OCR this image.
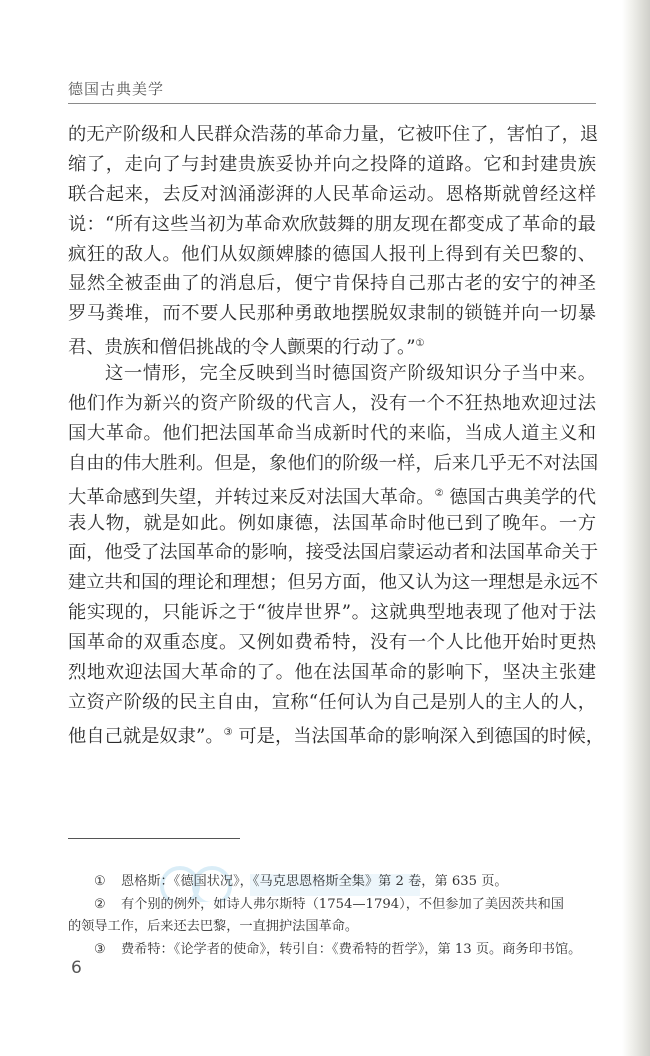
德国古典美学
的无产阶级和人民群众浩荡的革命力量，它被吓住了，害怕了，退
缩了，走向了与封建贵族妥协并向之投降的道路。它和封建贵族
联合起来，去反对汹涌澎湃的人民革命运动。恩格斯就曾经这样
说：“所有这些当初为革命欢欣鼓舞的朋友现在都变成了革命的最
疯狂的敌人。他们从奴颜婢膝的德国人报刊上得到有关巴黎的、
显然全被歪曲了的消息后，便宁肯保持自己那古老的安宁的神圣
罗马粪堆，而不要人民那种勇敢地摆脱奴隶制的锁链并向一切暴
君、贵族和僧侣挑战的令人颤栗的行动了。”①
这一情形，完全反映到当时德国资产阶级知识分子当中来。
他们作为新兴的资产阶级的代言人，没有一个不狂热地欢迎过法
国大革命。他们把法国革命当成新时代的来临，当成人道主义和
自由的伟大胜利。但是，象他们的阶级一样，后来几乎无不对法国
大革命感到失望，并转过来反对法国大革命。② 德国古典美学的代
表人物，就是如此。例如康德，法国革命时他已到了晚年。一方
面，他受了法国革命的影响，接受法国启蒙运动者和法国革命关于
建立共和国的理论和理想；但另方面，他又认为这一理想是永远不
能实现的，只能诉之于“彼岸世界”。这就典型地表现了他对于法
国革命的双重态度。又例如费希特，没有一个人比他开始时更热
烈地欢迎法国大革命的了。他在法国革命的影响下，坚决主张建
立资产阶级的民主自由，宣称“任何认为自己是别人的主人的人，
他自己就是奴隶”。③ 可是，当法国革命的影响深入到德国的时候，
① 恩格斯：《德国状况》，《马克思恩格斯全集》第 2 卷，第 635 页。
② 有个别的例外，如诗人弗尔斯特（1754—1794），不但参加了美因茨共和国
的领导工作，后来还去巴黎，一直拥护法国革命。
③ 费希特：《论学者的使命》，转引自：《费希特的哲学》，第 13 页。商务印书馆。
6
